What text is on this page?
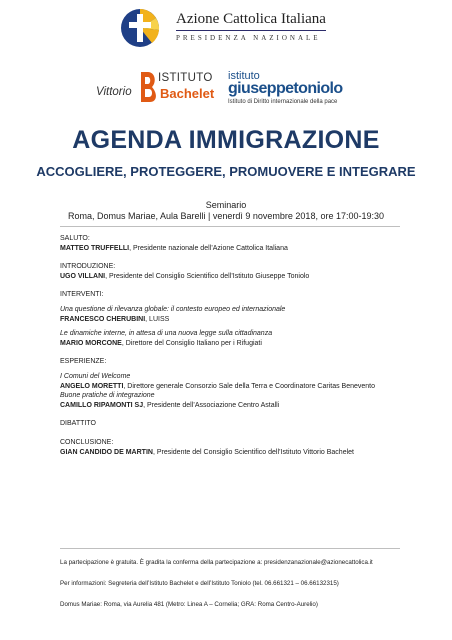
Azione Cattolica Italiana
PRESIDENZA NAZIONALE
ISTITUTO
Vittorio Bachelet
istituto
giuseppetoniolo
Istituto di Diritto internazionale della pace
AGENDA IMMIGRAZIONE
ACCOGLIERE, PROTEGGERE, PROMUOVERE E INTEGRARE
Seminario
Roma, Domus Mariae, Aula Barelli | venerdì 9 novembre 2018, ore 17:00-19:30
SALUTO:
MATTEO TRUFFELLI, Presidente nazionale dell’Azione Cattolica Italiana
INTRODUZIONE:
UGO VILLANI, Presidente del Consiglio Scientifico dell’Istituto Giuseppe Toniolo
INTERVENTI:
Una questione di rilevanza globale: il contesto europeo ed internazionale
FRANCESCO CHERUBINI, LUISS
Le dinamiche interne, in attesa di una nuova legge sulla cittadinanza
MARIO MORCONE, Direttore del Consiglio Italiano per i Rifugiati
ESPERIENZE:
I Comuni del Welcome
ANGELO MORETTI, Direttore generale Consorzio Sale della Terra e Coordinatore Caritas Benevento
Buone pratiche di integrazione
CAMILLO RIPAMONTI SJ, Presidente dell’Associazione Centro Astalli
DIBATTITO
CONCLUSIONE:
GIAN CANDIDO DE MARTIN, Presidente del Consiglio Scientifico dell’Istituto Vittorio Bachelet
La partecipazione è gratuita. È gradita la conferma della partecipazione a: presidenzanazionale@azionecattolica.it
Per informazioni: Segreteria dell’Istituto Bachelet e dell’Istituto Toniolo (tel. 06.661321 – 06.66132315)
Domus Mariae: Roma, via Aurelia 481 (Metro: Linea A – Cornelia; GRA: Roma Centro-Aurelio)
